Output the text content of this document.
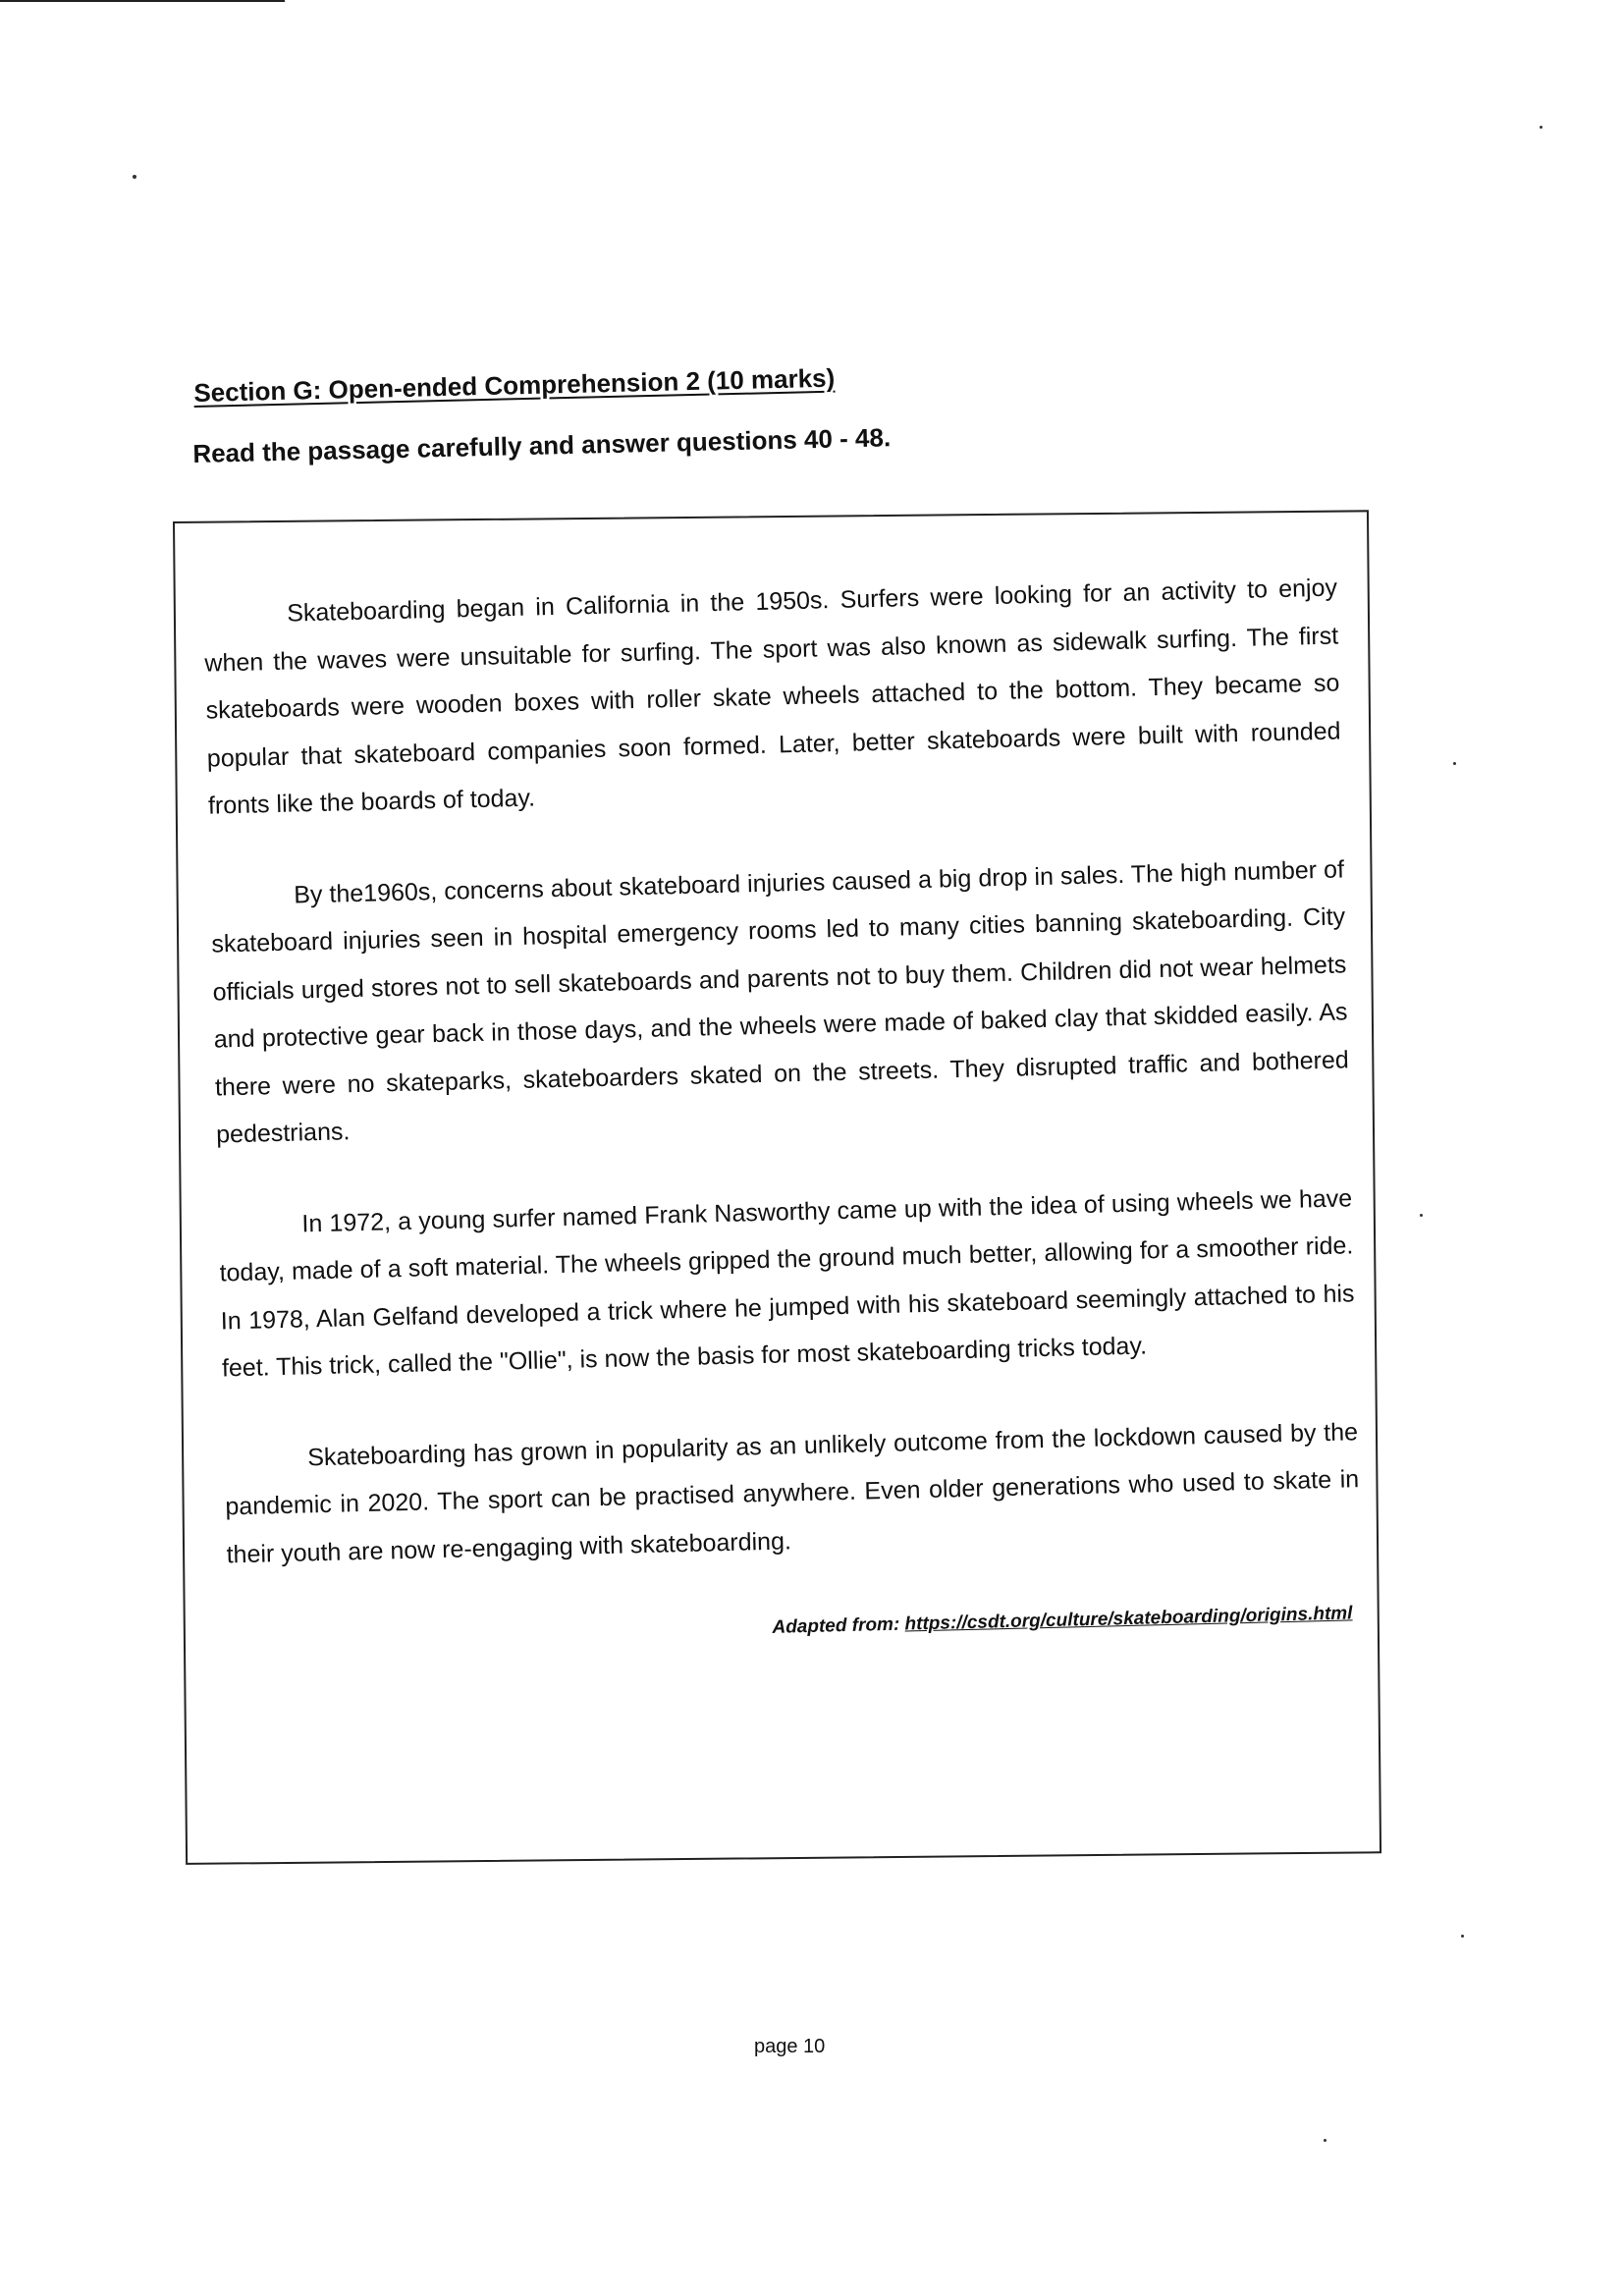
Section G: Open-ended Comprehension 2 (10 marks)
Read the passage carefully and answer questions 40 - 48.

Skateboarding began in California in the 1950s. Surfers were looking for an activity to enjoy when the waves were unsuitable for surfing. The sport was also known as sidewalk surfing. The first skateboards were wooden boxes with roller skate wheels attached to the bottom. They became so popular that skateboard companies soon formed. Later, better skateboards were built with rounded fronts like the boards of today.

By the1960s, concerns about skateboard injuries caused a big drop in sales. The high number of skateboard injuries seen in hospital emergency rooms led to many cities banning skateboarding. City officials urged stores not to sell skateboards and parents not to buy them. Children did not wear helmets and protective gear back in those days, and the wheels were made of baked clay that skidded easily. As there were no skateparks, skateboarders skated on the streets. They disrupted traffic and bothered pedestrians.

In 1972, a young surfer named Frank Nasworthy came up with the idea of using wheels we have today, made of a soft material. The wheels gripped the ground much better, allowing for a smoother ride. In 1978, Alan Gelfand developed a trick where he jumped with his skateboard seemingly attached to his feet. This trick, called the "Ollie", is now the basis for most skateboarding tricks today.

Skateboarding has grown in popularity as an unlikely outcome from the lockdown caused by the pandemic in 2020. The sport can be practised anywhere. Even older generations who used to skate in their youth are now re-engaging with skateboarding.

Adapted from: https://csdt.org/culture/skateboarding/origins.html
page 10
